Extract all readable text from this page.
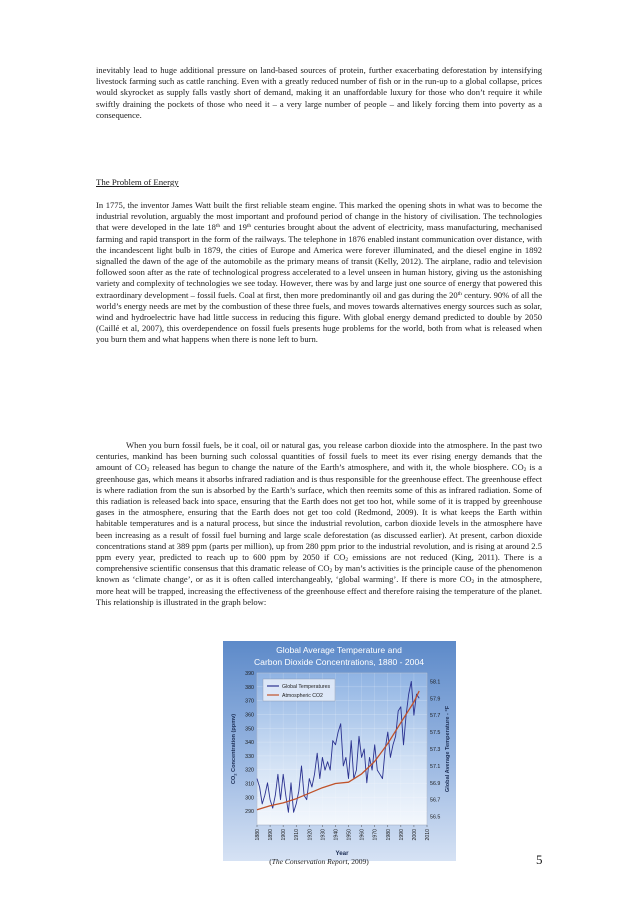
inevitably lead to huge additional pressure on land-based sources of protein, further exacerbating deforestation by intensifying livestock farming such as cattle ranching. Even with a greatly reduced number of fish or in the run-up to a global collapse, prices would skyrocket as supply falls vastly short of demand, making it an unaffordable luxury for those who don’t require it while swiftly draining the pockets of those who need it – a very large number of people – and likely forcing them into poverty as a consequence.

The Problem of Energy

In 1775, the inventor James Watt built the first reliable steam engine. This marked the opening shots in what was to become the industrial revolution, arguably the most important and profound period of change in the history of civilisation. The technologies that were developed in the late 18th and 19th centuries brought about the advent of electricity, mass manufacturing, mechanised farming and rapid transport in the form of the railways. The telephone in 1876 enabled instant communication over distance, with the incandescent light bulb in 1879, the cities of Europe and America were forever illuminated, and the diesel engine in 1892 signalled the dawn of the age of the automobile as the primary means of transit (Kelly, 2012). The airplane, radio and television followed soon after as the rate of technological progress accelerated to a level unseen in human history, giving us the astonishing variety and complexity of technologies we see today. However, there was by and large just one source of energy that powered this extraordinary development – fossil fuels. Coal at first, then more predominantly oil and gas during the 20th century. 90% of all the world’s energy needs are met by the combustion of these three fuels, and moves towards alternatives energy sources such as solar, wind and hydroelectric have had little success in reducing this figure. With global energy demand predicted to double by 2050 (Caillé et al, 2007), this overdependence on fossil fuels presents huge problems for the world, both from what is released when you burn them and what happens when there is none left to burn.

When you burn fossil fuels, be it coal, oil or natural gas, you release carbon dioxide into the atmosphere. In the past two centuries, mankind has been burning such colossal quantities of fossil fuels to meet its ever rising energy demands that the amount of $CO_2$ released has begun to change the nature of the Earth’s atmosphere, and with it, the whole biosphere. $CO_2$ is a greenhouse gas, which means it absorbs infrared radiation and is thus responsible for the greenhouse effect. The greenhouse effect is where radiation from the sun is absorbed by the Earth’s surface, which then reemits some of this as infrared radiation. Some of this radiation is released back into space, ensuring that the Earth does not get too hot, while some of it is trapped by greenhouse gases in the atmosphere, ensuring that the Earth does not get too cold (Redmond, 2009). It is what keeps the Earth within habitable temperatures and is a natural process, but since the industrial revolution, carbon dioxide levels in the atmosphere have been increasing as a result of fossil fuel burning and large scale deforestation (as discussed earlier). At present, carbon dioxide concentrations stand at 389 ppm (parts per million), up from 280 ppm prior to the industrial revolution, and is rising at around 2.5 ppm every year, predicted to reach up to 600 ppm by 2050 if $CO_2$ emissions are not reduced (King, 2011). There is a comprehensive scientific consensus that this dramatic release of $CO_2$ by man’s activities is the principle cause of the phenomenon known as ‘climate change’, or as it is often called interchangeably, ‘global warming’. If there is more $CO_2$ in the atmosphere, more heat will be trapped, increasing the effectiveness of the greenhouse effect and therefore raising the temperature of the planet. This relationship is illustrated in the graph below:

Global Average Temperature and
Carbon Dioxide Concentrations, 1880 - 2004
290
300
310
320
330
340
350
360
370
380
390
56.5
56.7
56.9
57.1
57.3
57.5
57.7
57.9
58.1
1880 1890 1900 1910 1920 1930 1940 1950 1960 1970 1980 1990 2000 2010
$CO_2$ Concentration (ppmv)	Global Average Temperature - °F
Year
Global Temperatures
Atmospheric CO2
(The Conservation Report, 2009)	5
